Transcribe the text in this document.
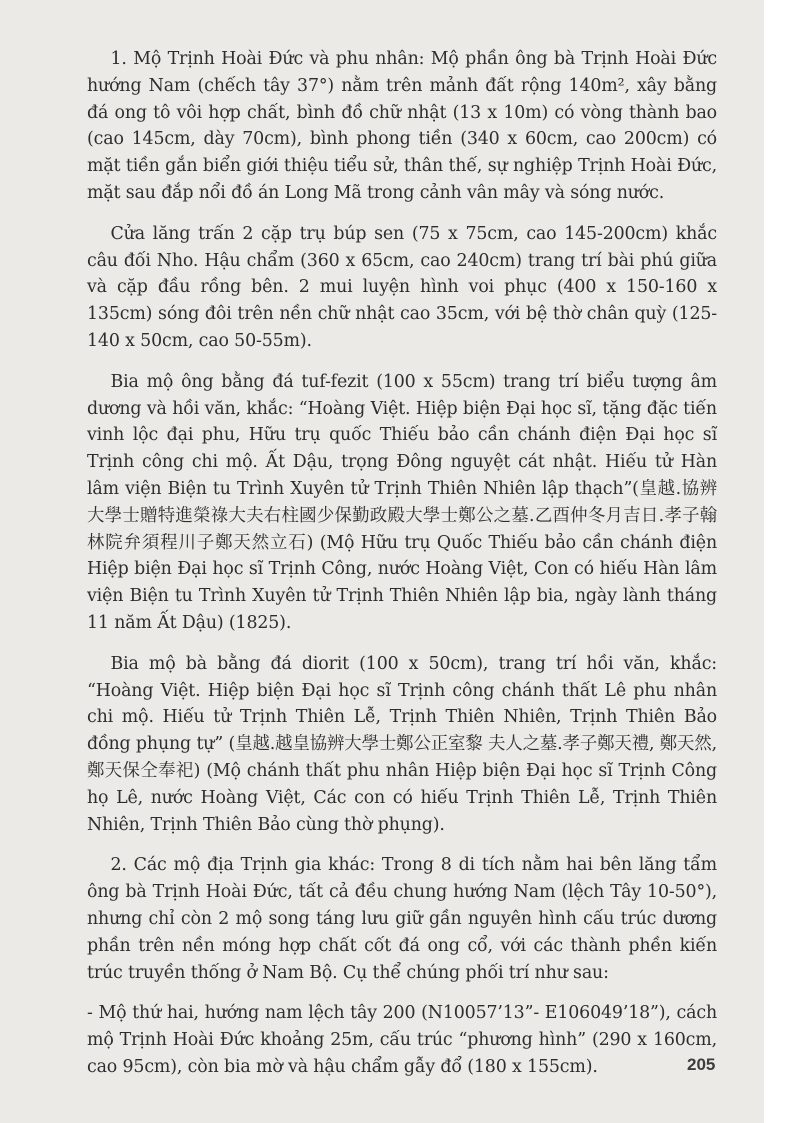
1. Mộ Trịnh Hoài Đức và phu nhân: Mộ phần ông bà Trịnh Hoài Đức hướng Nam (chếch tây 37°) nằm trên mảnh đất rộng 140m², xây bằng đá ong tô vôi hợp chất, bình đồ chữ nhật (13 x 10m) có vòng thành bao (cao 145cm, dày 70cm), bình phong tiền (340 x 60cm, cao 200cm) có mặt tiền gắn biển giới thiệu tiểu sử, thân thế, sự nghiệp Trịnh Hoài Đức, mặt sau đắp nổi đồ án Long Mã trong cảnh vân mây và sóng nước.

Cửa lăng trấn 2 cặp trụ búp sen (75 x 75cm, cao 145-200cm) khắc câu đối Nho. Hậu chẩm (360 x 65cm, cao 240cm) trang trí bài phú giữa và cặp đầu rồng bên. 2 mui luyện hình voi phục (400 x 150-160 x 135cm) sóng đôi trên nền chữ nhật cao 35cm, với bệ thờ chân quỳ (125-140 x 50cm, cao 50-55m).

Bia mộ ông bằng đá tuf-fezit (100 x 55cm) trang trí biểu tượng âm dương và hồi văn, khắc: “Hoàng Việt. Hiệp biện Đại học sĩ, tặng đặc tiến vinh lộc đại phu, Hữu trụ quốc Thiếu bảo cần chánh điện Đại học sĩ Trịnh công chi mộ. Ất Dậu, trọng Đông nguyệt cát nhật. Hiếu tử Hàn lâm viện Biện tu Trình Xuyên tử Trịnh Thiên Nhiên lập thạch”(皇越.協辨大學士贈特進榮祿大夫右柱國少保勤政殿大學士鄭公之墓.乙酉仲冬月吉日.孝子翰林院弁須程川子鄭天然立石) (Mộ Hữu trụ Quốc Thiếu bảo cần chánh điện Hiệp biện Đại học sĩ Trịnh Công, nước Hoàng Việt, Con có hiếu Hàn lâm viện Biện tu Trình Xuyên tử Trịnh Thiên Nhiên lập bia, ngày lành tháng 11 năm Ất Dậu) (1825).

Bia mộ bà bằng đá diorit (100 x 50cm), trang trí hồi văn, khắc: “Hoàng Việt. Hiệp biện Đại học sĩ Trịnh công chánh thất Lê phu nhân chi mộ. Hiếu tử Trịnh Thiên Lễ, Trịnh Thiên Nhiên, Trịnh Thiên Bảo đồng phụng tự” (皇越.越皇協辨大學士鄭公正室黎 夫人之墓.孝子鄭天禮, 鄭天然, 鄭天保仝奉祀) (Mộ chánh thất phu nhân Hiệp biện Đại học sĩ Trịnh Công họ Lê, nước Hoàng Việt, Các con có hiếu Trịnh Thiên Lễ, Trịnh Thiên Nhiên, Trịnh Thiên Bảo cùng thờ phụng).

2. Các mộ địa Trịnh gia khác: Trong 8 di tích nằm hai bên lăng tẩm ông bà Trịnh Hoài Đức, tất cả đều chung hướng Nam (lệch Tây 10-50°), nhưng chỉ còn 2 mộ song táng lưu giữ gần nguyên hình cấu trúc dương phần trên nền móng hợp chất cốt đá ong cổ, với các thành phền kiến trúc truyền thống ở Nam Bộ. Cụ thể chúng phối trí như sau:

- Mộ thứ hai, hướng nam lệch tây 200 (N10057’13”- E106049’18”), cách mộ Trịnh Hoài Đức khoảng 25m, cấu trúc “phương hình” (290 x 160cm, cao 95cm), còn bia mờ và hậu chẩm gẫy đổ (180 x 155cm).	205
